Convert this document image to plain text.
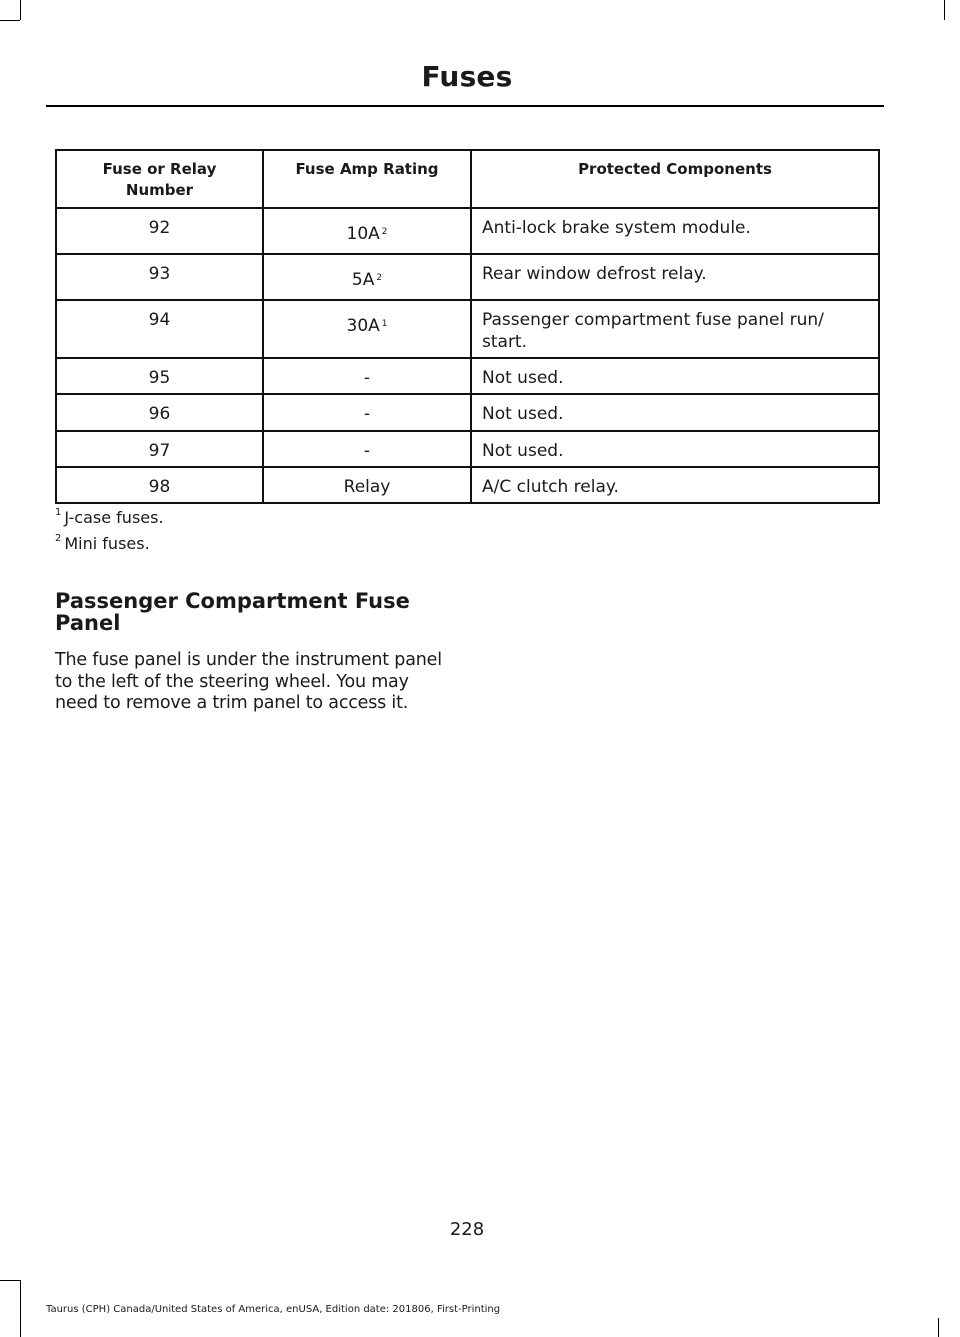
Fuses
Fuse or Relay Number	Fuse Amp Rating	Protected Components
92	10A $^2$	Anti-lock brake system module.
93	5A $^2$	Rear window defrost relay.
94	30A $^1$	Passenger compartment fuse panel run/ start.
95	-	Not used.
96	-	Not used.
97	-	Not used.
98	Relay	A/C clutch relay.
$^1$ J-case fuses.
$^2$ Mini fuses.
Passenger Compartment Fuse Panel
The fuse panel is under the instrument panel to the left of the steering wheel. You may need to remove a trim panel to access it.
228
Taurus (CPH) Canada/United States of America, enUSA, Edition date: 201806, First-Printing
